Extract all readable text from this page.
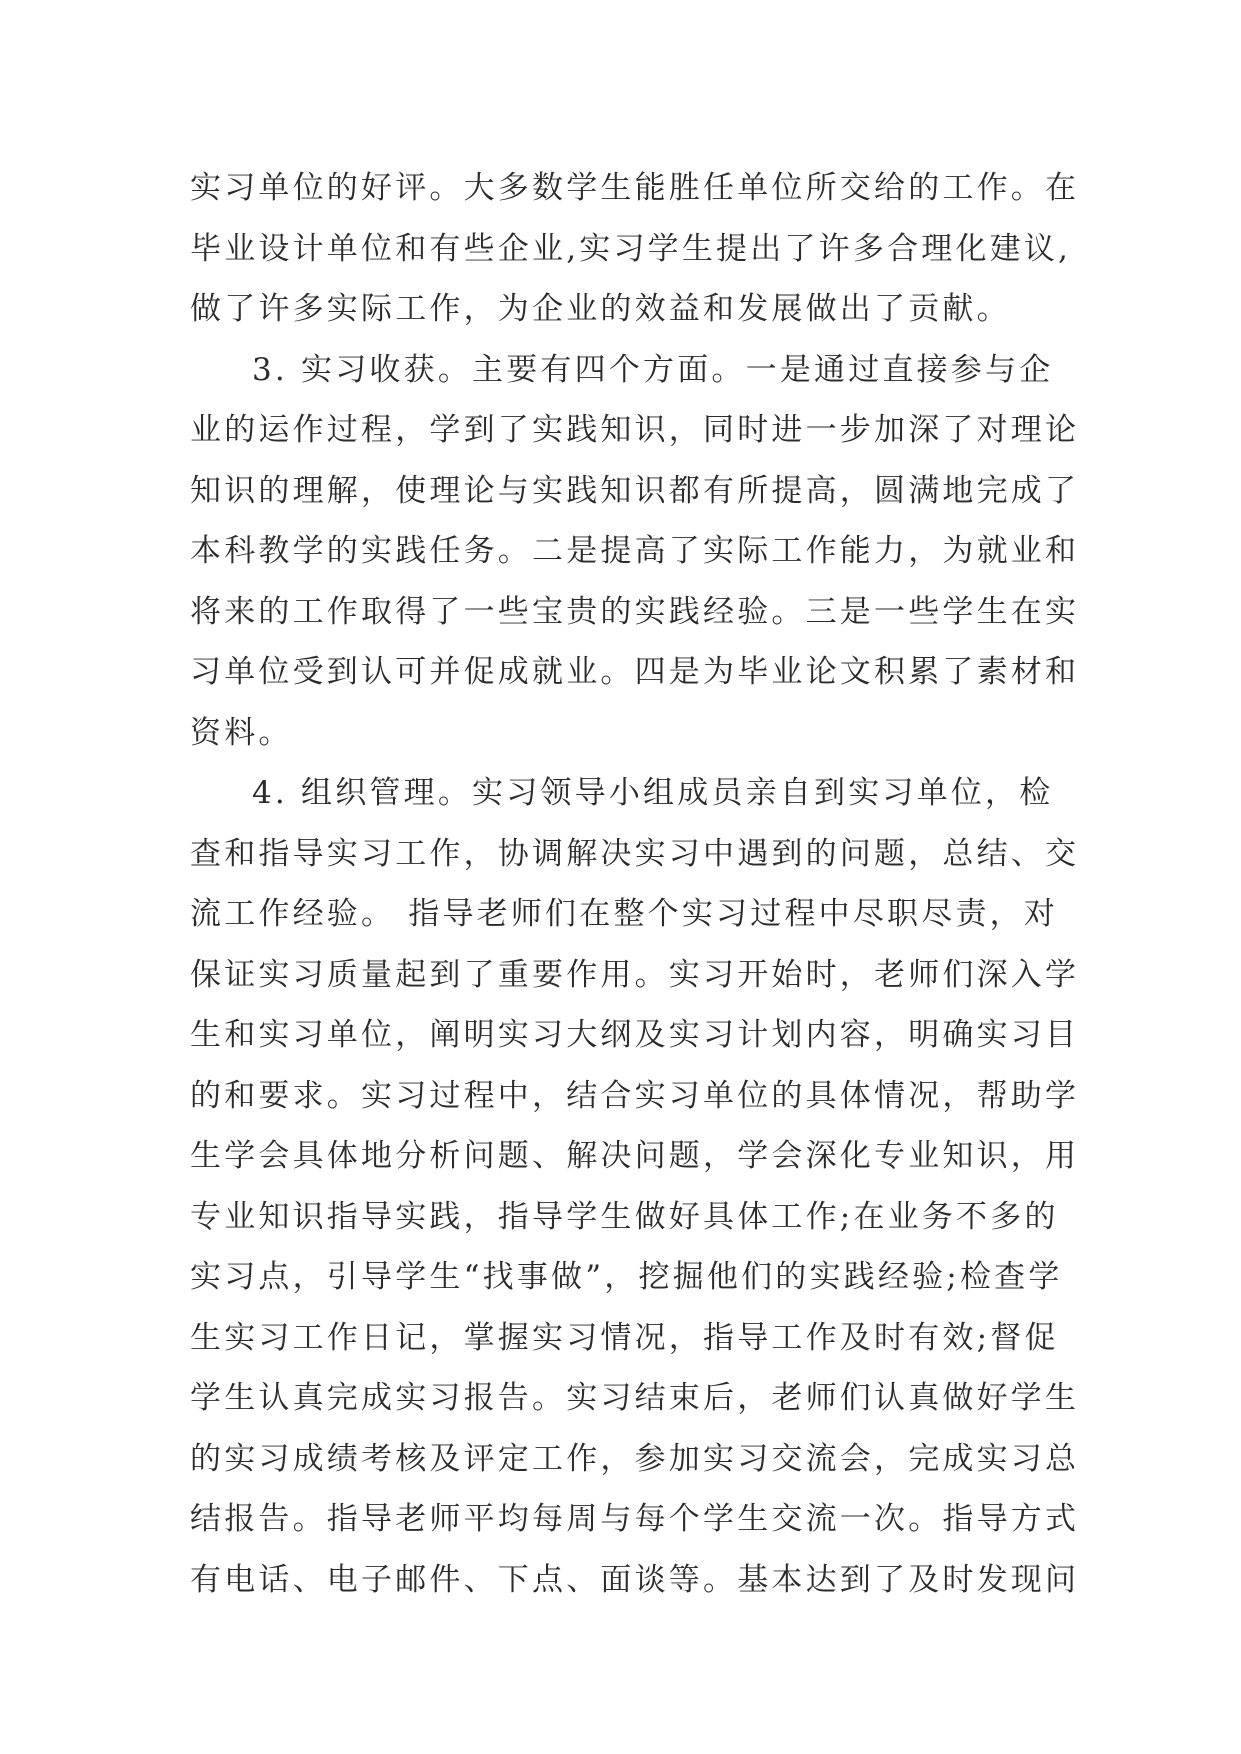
实习单位的好评。大多数学生能胜任单位所交给的工作。在
毕业设计单位和有些企业,实习学生提出了许多合理化建议,
做了许多实际工作，为企业的效益和发展做出了贡献。
3. 实习收获。主要有四个方面。一是通过直接参与企
业的运作过程，学到了实践知识，同时进一步加深了对理论
知识的理解，使理论与实践知识都有所提高，圆满地完成了
本科教学的实践任务。二是提高了实际工作能力，为就业和
将来的工作取得了一些宝贵的实践经验。三是一些学生在实
习单位受到认可并促成就业。四是为毕业论文积累了素材和
资料。
4. 组织管理。实习领导小组成员亲自到实习单位，检
查和指导实习工作，协调解决实习中遇到的问题，总结、交
流工作经验。 指导老师们在整个实习过程中尽职尽责，对
保证实习质量起到了重要作用。实习开始时，老师们深入学
生和实习单位，阐明实习大纲及实习计划内容，明确实习目
的和要求。实习过程中，结合实习单位的具体情况，帮助学
生学会具体地分析问题、解决问题，学会深化专业知识，用
专业知识指导实践，指导学生做好具体工作;在业务不多的
实习点，引导学生“找事做”，挖掘他们的实践经验;检查学
生实习工作日记，掌握实习情况，指导工作及时有效;督促
学生认真完成实习报告。实习结束后，老师们认真做好学生
的实习成绩考核及评定工作，参加实习交流会，完成实习总
结报告。指导老师平均每周与每个学生交流一次。指导方式
有电话、电子邮件、下点、面谈等。基本达到了及时发现问
